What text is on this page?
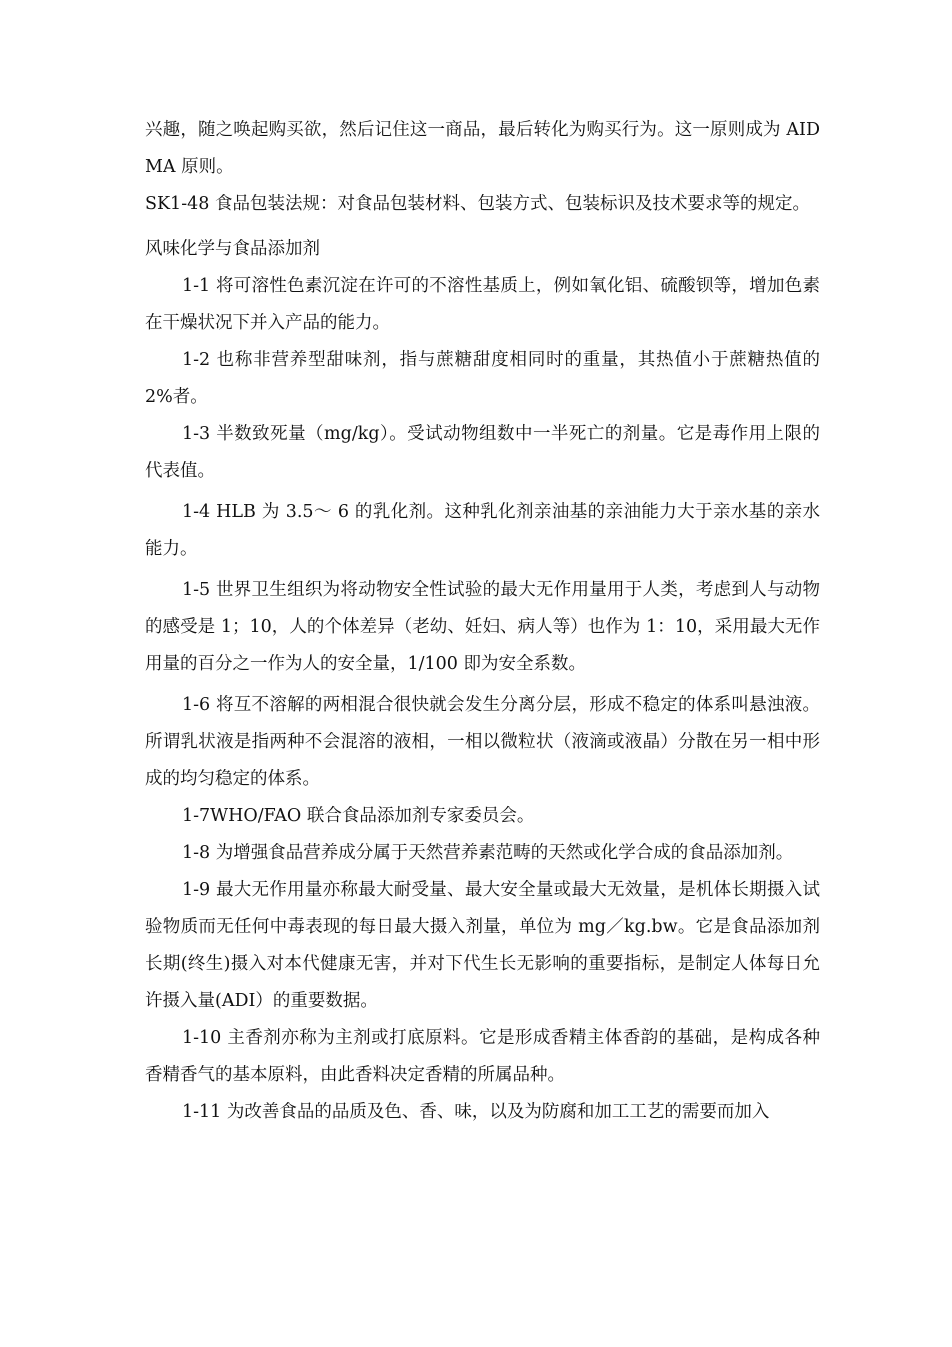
兴趣，随之唤起购买欲，然后记住这一商品，最后转化为购买行为。这一原则成为 AIDMA 原则。

SK1-48 食品包装法规：对食品包装材料、包装方式、包装标识及技术要求等的规定。

风味化学与食品添加剂

1-1 将可溶性色素沉淀在许可的不溶性基质上，例如氧化铝、硫酸钡等，增加色素在干燥状况下并入产品的能力。

1-2 也称非营养型甜味剂，指与蔗糖甜度相同时的重量，其热值小于蔗糖热值的 2%者。

1-3 半数致死量（mg/kg）。受试动物组数中一半死亡的剂量。它是毒作用上限的代表值。

1-4 HLB 为 3.5～ 6 的乳化剂。这种乳化剂亲油基的亲油能力大于亲水基的亲水能力。

1-5 世界卫生组织为将动物安全性试验的最大无作用量用于人类，考虑到人与动物的感受是 1；10，人的个体差异（老幼、妊妇、病人等）也作为 1：10，采用最大无作用量的百分之一作为人的安全量，1/100 即为安全系数。

1-6 将互不溶解的两相混合很快就会发生分离分层，形成不稳定的体系叫悬浊液。所谓乳状液是指两种不会混溶的液相，一相以微粒状（液滴或液晶）分散在另一相中形成的均匀稳定的体系。

1-7WHO/FAO 联合食品添加剂专家委员会。

1-8 为增强食品营养成分属于天然营养素范畴的天然或化学合成的食品添加剂。

1-9 最大无作用量亦称最大耐受量、最大安全量或最大无效量，是机体长期摄入试验物质而无任何中毒表现的每日最大摄入剂量，单位为 mg／kg.bw。它是食品添加剂长期(终生)摄入对本代健康无害，并对下代生长无影响的重要指标，是制定人体每日允许摄入量(ADI）的重要数据。

1-10 主香剂亦称为主剂或打底原料。它是形成香精主体香韵的基础，是构成各种香精香气的基本原料，由此香料决定香精的所属品种。

1-11 为改善食品的品质及色、香、味，以及为防腐和加工工艺的需要而加入
